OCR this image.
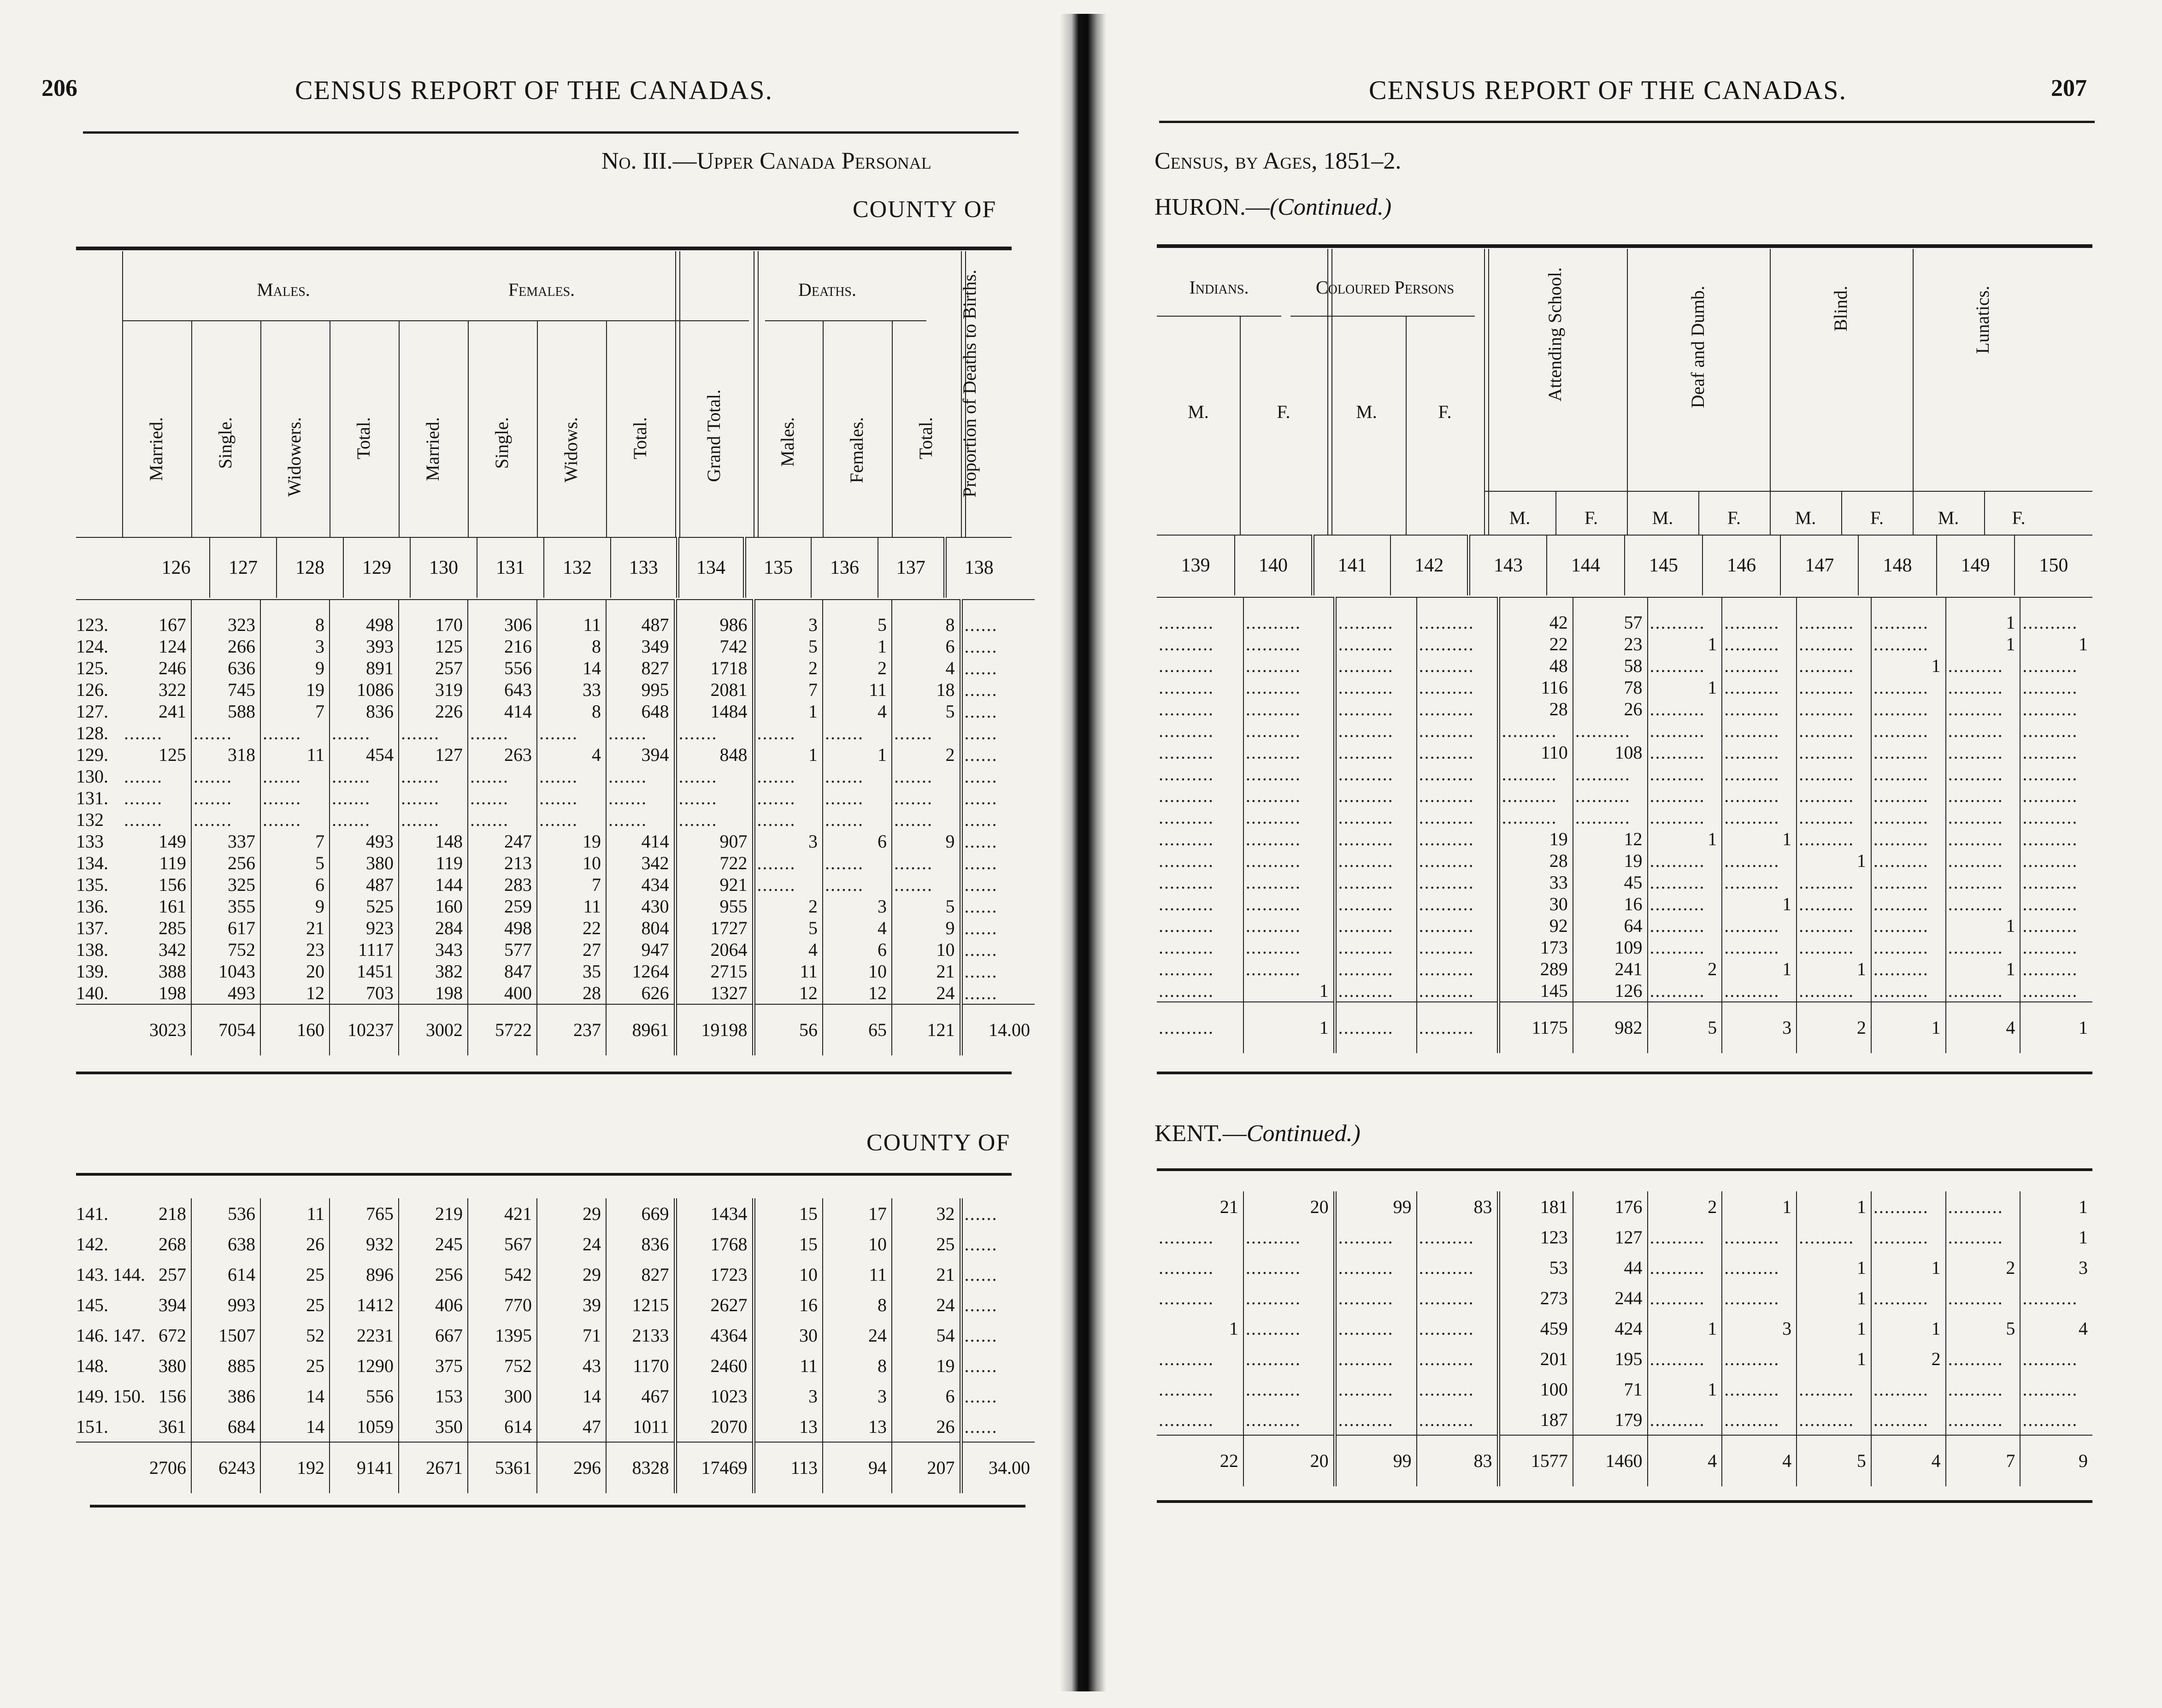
206	CENSUS REPORT OF THE CANADAS.
No. III.—Upper Canada Personal
COUNTY OF
Males.	Females.	Deaths.
Married.	Single.	Widowers.	Total.	Married.	Single.	Widows.	Total.	Grand Total.	Males.	Females.	Total. Proportion of Deaths to Births.
	126	127	128	129	130	131	132	133	134	135	136	137	138

123.	167	323	8	498	170	306	11	487	986	3	5	8	......
124.	124	266	3	393	125	216	8	349	742	5	1	6	......
125.	246	636	9	891	257	556	14	827	1718	2	2	4	......
126.	322	745	19	1086	319	643	33	995	2081	7	11	18	......
127.	241	588	7	836	226	414	8	648	1484	1	4	5	......
128.	.......	.......	.......	.......	.......	.......	.......	.......	.......	.......	.......	.......	......
129.	125	318	11	454	127	263	4	394	848	1	1	2	......
130.	.......	.......	.......	.......	.......	.......	.......	.......	.......	.......	.......	.......	......
131.	.......	.......	.......	.......	.......	.......	.......	.......	.......	.......	.......	.......	......
132	.......	.......	.......	.......	.......	.......	.......	.......	.......	.......	.......	.......	......
133	149	337	7	493	148	247	19	414	907	3	6	9	......
134.	119	256	5	380	119	213	10	342	722	.......	.......	.......	......
135.	156	325	6	487	144	283	7	434	921	.......	.......	.......	......
136.	161	355	9	525	160	259	11	430	955	2	3	5	......
137.	285	617	21	923	284	498	22	804	1727	5	4	9	......
138.	342	752	23	1117	343	577	27	947	2064	4	6	10	......
139.	388	1043	20	1451	382	847	35	1264	2715	11	10	21	......
140.	198	493	12	703	198	400	28	626	1327	12	12	24	......
	3023	7054	160	10237	3002	5722	237	8961	19198	56	65	121	14.00
COUNTY OF
141.	218	536	11	765	219	421	29	669	1434	15	17	32	......
142.	268	638	26	932	245	567	24	836	1768	15	10	25	......
143. 144.	257	614	25	896	256	542	29	827	1723	10	11	21	......
145.	394	993	25	1412	406	770	39	1215	2627	16	8	24	......
146. 147.	672	1507	52	2231	667	1395	71	2133	4364	30	24	54	......
148.	380	885	25	1290	375	752	43	1170	2460	11	8	19	......
149. 150.	156	386	14	556	153	300	14	467	1023	3	3	6	......
151.	361	684	14	1059	350	614	47	1011	2070	13	13	26	......
	2706	6243	192	9141	2671	5361	296	8328	17469	113	94	207	34.00
CENSUS REPORT OF THE CANADAS.	207
Census, by Ages, 1851–2.
HURON.—(Continued.)
Indians.	Coloured Persons
M.	F.	M.	F.
Attending School.
M.	F.
Deaf and Dumb.
M.	F.
Blind.
M.	F.
Lunatics.
M.	F.
139	140	141	142	143	144	145	146	147	148	149	150

..........	..........	..........	..........	42	57	..........	..........	..........	..........	1	..........
..........	..........	..........	..........	22	23	1	..........	..........	..........	1	1
..........	..........	..........	..........	48	58	..........	..........	..........	1	..........	..........
..........	..........	..........	..........	116	78	1	..........	..........	..........	..........	..........
..........	..........	..........	..........	28	26	..........	..........	..........	..........	..........	..........
..........	..........	..........	..........	..........	..........	..........	..........	..........	..........	..........	..........
..........	..........	..........	..........	110	108	..........	..........	..........	..........	..........	..........
..........	..........	..........	..........	..........	..........	..........	..........	..........	..........	..........	..........
..........	..........	..........	..........	..........	..........	..........	..........	..........	..........	..........	..........
..........	..........	..........	..........	..........	..........	..........	..........	..........	..........	..........	..........
..........	..........	..........	..........	19	12	1	1	..........	..........	..........	..........
..........	..........	..........	..........	28	19	..........	..........	1	..........	..........	..........
..........	..........	..........	..........	33	45	..........	..........	..........	..........	..........	..........
..........	..........	..........	..........	30	16	..........	1	..........	..........	..........	..........
..........	..........	..........	..........	92	64	..........	..........	..........	..........	1	..........
..........	..........	..........	..........	173	109	..........	..........	..........	..........	..........	..........
..........	..........	..........	..........	289	241	2	1	1	..........	1	..........
..........	1	..........	..........	145	126	..........	..........	..........	..........	..........	..........
..........	1	..........	..........	1175	982	5	3	2	1	4	1
KENT.—Continued.)
21	20	99	83	181	176	2	1	1	..........	..........	1
..........	..........	..........	..........	123	127	..........	..........	..........	..........	..........	1
..........	..........	..........	..........	53	44	..........	..........	1	1	2	3
..........	..........	..........	..........	273	244	..........	..........	1	..........	..........	..........
1	..........	..........	..........	459	424	1	3	1	1	5	4
..........	..........	..........	..........	201	195	..........	..........	1	2	..........	..........
..........	..........	..........	..........	100	71	1	..........	..........	..........	..........	..........
..........	..........	..........	..........	187	179	..........	..........	..........	..........	..........	..........
22	20	99	83	1577	1460	4	4	5	4	7	9
